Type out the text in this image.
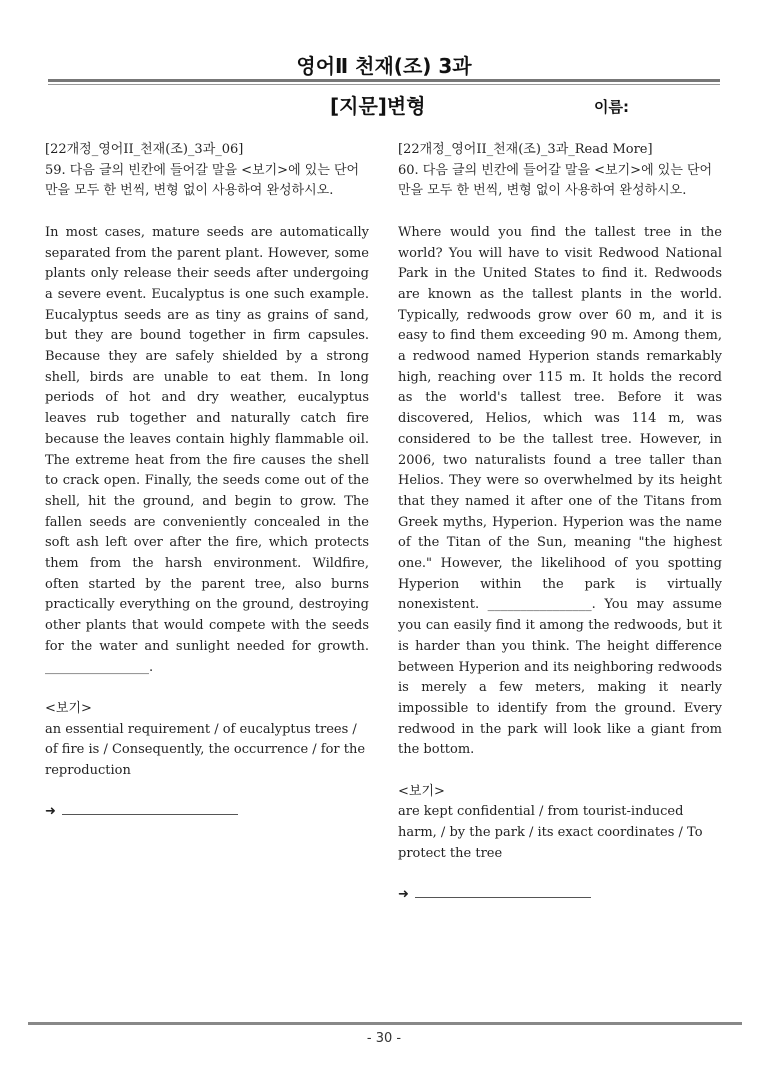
영어Ⅱ 천재(조) 3과
[지문]변형	이름:

[22개정_영어II_천재(조)_3과_06]

59. 다음 글의 빈칸에 들어갈 말을 <보기>에 있는 단어만을 모두 한 번씩, 변형 없이 사용하여 완성하시오.

In most cases, mature seeds are automatically separated from the parent plant. However, some plants only release their seeds after undergoing a severe event. Eucalyptus is one such example. Eucalyptus seeds are as tiny as grains of sand, but they are bound together in firm capsules. Because they are safely shielded by a strong shell, birds are unable to eat them. In long periods of hot and dry weather, eucalyptus leaves rub together and naturally catch fire because the leaves contain highly flammable oil. The extreme heat from the fire causes the shell to crack open. Finally, the seeds come out of the shell, hit the ground, and begin to grow. The fallen seeds are conveniently concealed in the soft ash left over after the fire, which protects them from the harsh environment. Wildfire, often started by the parent tree, also burns practically everything on the ground, destroying other plants that would compete with the seeds for the water and sunlight needed for growth. ________________.

<보기>

an essential requirement / of eucalyptus trees / of fire is / Consequently, the occurrence / for the reproduction

➜

[22개정_영어II_천재(조)_3과_Read More]

60. 다음 글의 빈칸에 들어갈 말을 <보기>에 있는 단어만을 모두 한 번씩, 변형 없이 사용하여 완성하시오.

Where would you find the tallest tree in the world? You will have to visit Redwood National Park in the United States to find it. Redwoods are known as the tallest plants in the world. Typically, redwoods grow over 60 m, and it is easy to find them exceeding 90 m. Among them, a redwood named Hyperion stands remarkably high, reaching over 115 m. It holds the record as the world's tallest tree. Before it was discovered, Helios, which was 114 m, was considered to be the tallest tree. However, in 2006, two naturalists found a tree taller than Helios. They were so overwhelmed by its height that they named it after one of the Titans from Greek myths, Hyperion. Hyperion was the name of the Titan of the Sun, meaning "the highest one." However, the likelihood of you spotting Hyperion within the park is virtually nonexistent. ________________. You may assume you can easily find it among the redwoods, but it is harder than you think. The height difference between Hyperion and its neighboring redwoods is merely a few meters, making it nearly impossible to identify from the ground. Every redwood in the park will look like a giant from the bottom.

<보기>

are kept confidential / from tourist-induced harm, / by the park / its exact coordinates / To protect the tree

➜

- 30 -
